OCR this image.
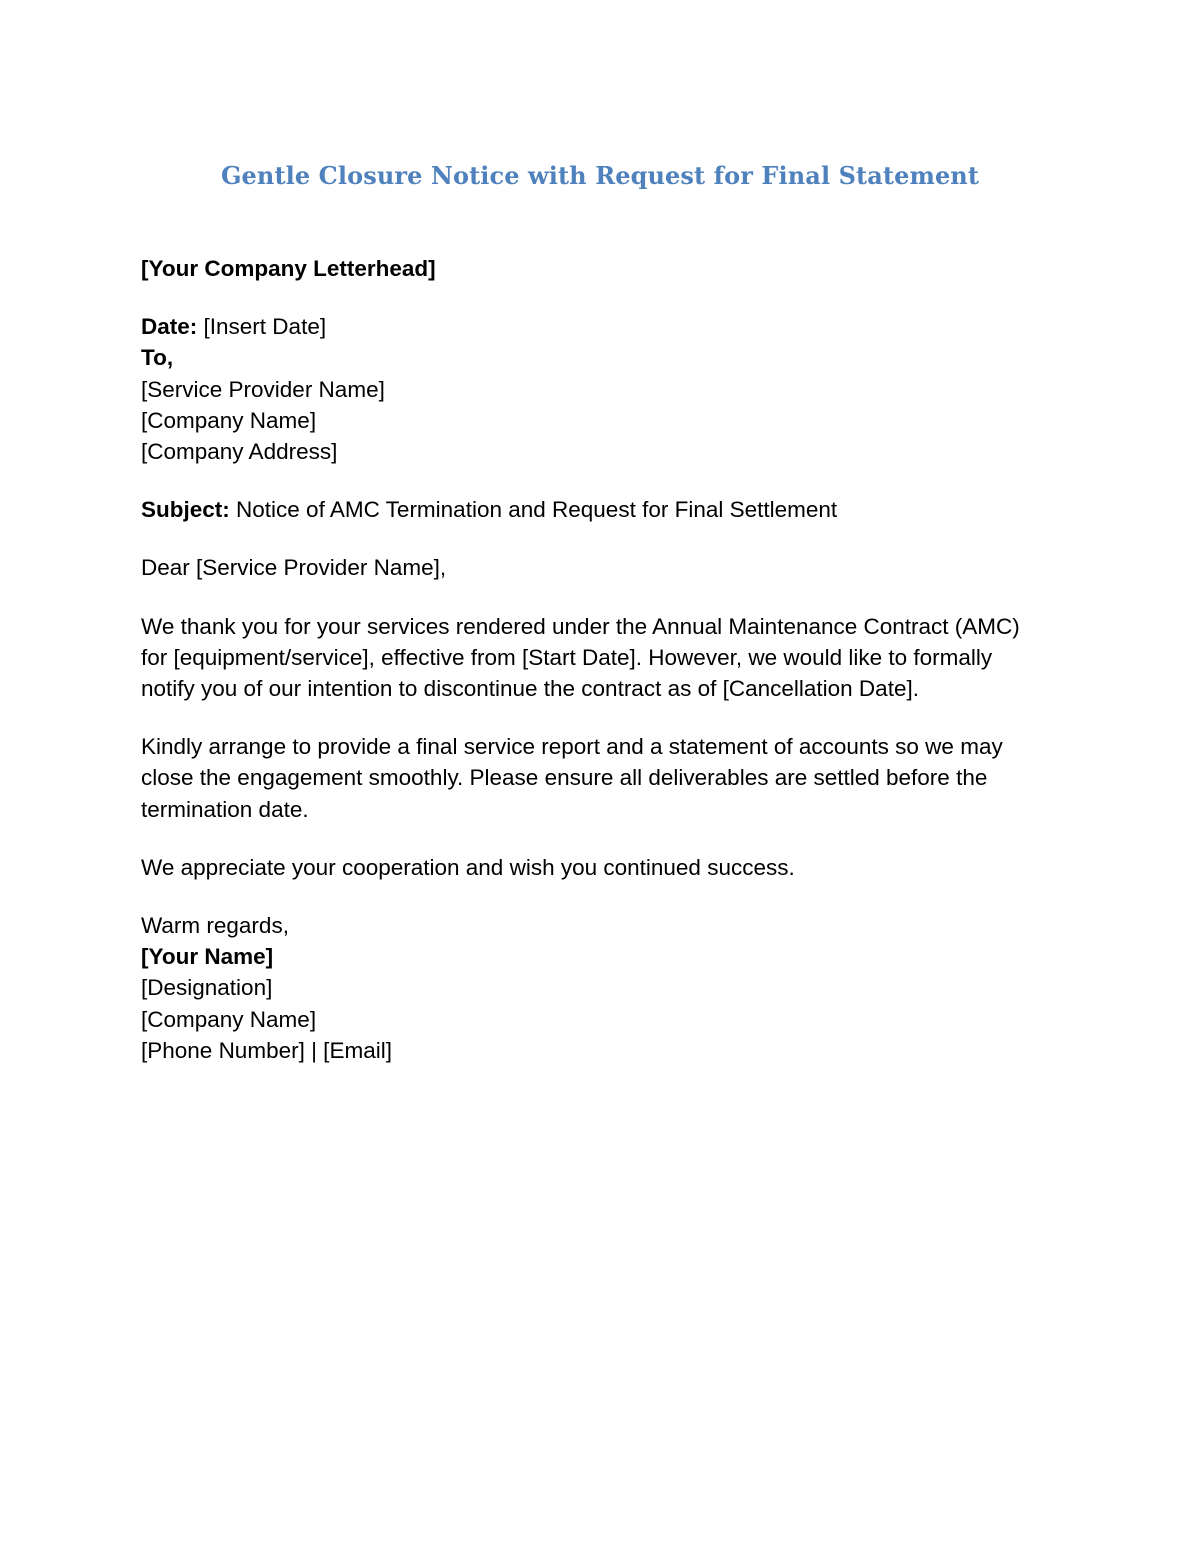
Gentle Closure Notice with Request for Final Statement
[Your Company Letterhead]
Date: [Insert Date]
To,
[Service Provider Name]
[Company Name]
[Company Address]
Subject: Notice of AMC Termination and Request for Final Settlement
Dear [Service Provider Name],
We thank you for your services rendered under the Annual Maintenance Contract (AMC) for [equipment/service], effective from [Start Date]. However, we would like to formally notify you of our intention to discontinue the contract as of [Cancellation Date].
Kindly arrange to provide a final service report and a statement of accounts so we may close the engagement smoothly. Please ensure all deliverables are settled before the termination date.
We appreciate your cooperation and wish you continued success.
Warm regards,
[Your Name]
[Designation]
[Company Name]
[Phone Number] | [Email]
